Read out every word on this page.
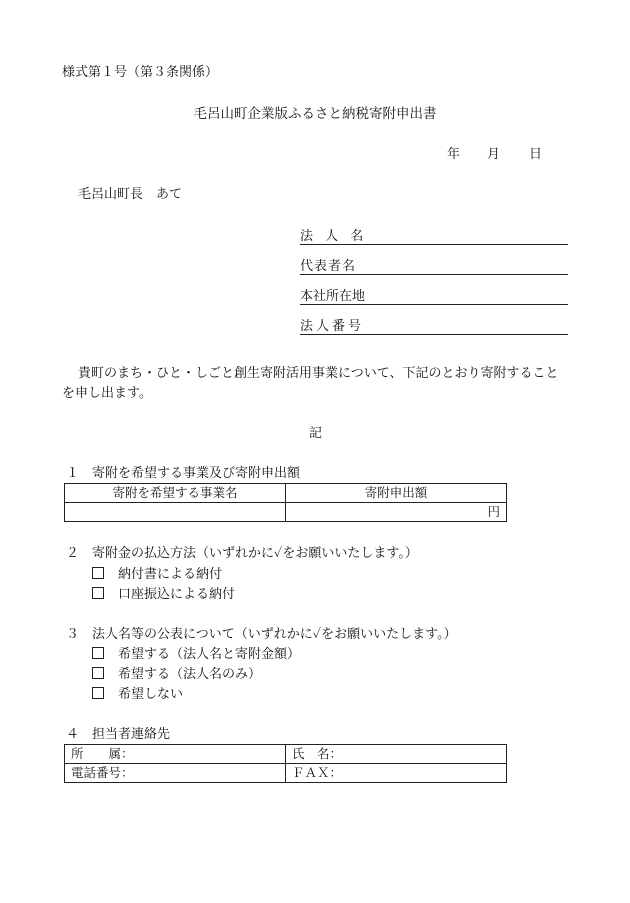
様式第１号（第３条関係）
毛呂山町企業版ふるさと納税寄附申出書
年 月 日
毛呂山町長　あて
法 人 名
代表者名
本社所在地
法人番号
貴町のまち・ひと・しごと創生寄附活用事業について、下記のとおり寄附すること
を申し出ます。
記
１　寄附を希望する事業及び寄附申出額
寄附を希望する事業名	寄附申出額
	円
２　寄附金の払込方法（いずれかに✓をお願いいたします。）
納付書による納付
口座振込による納付
３　法人名等の公表について（いずれかに✓をお願いいたします。）
希望する（法人名と寄附金額）
希望する（法人名のみ）
希望しない
４　担当者連絡先
所　　属：	氏　名：
電話番号：	ＦＡＸ：
